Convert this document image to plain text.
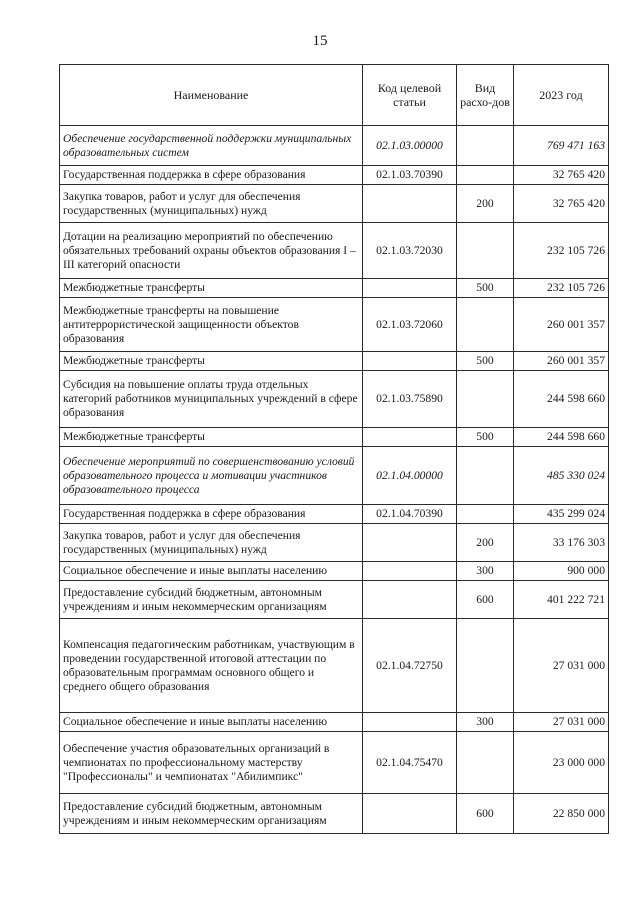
15
Наименование	Код целевой статьи	Вид расхо-дов	2023 год
Обеспечение государственной поддержки муниципальных образовательных систем	02.1.03.00000		769 471 163
Государственная поддержка в сфере образования	02.1.03.70390		32 765 420
Закупка товаров, работ и услуг для обеспечения государственных (муниципальных) нужд		200	32 765 420
Дотации на реализацию мероприятий по обеспечению обязательных требований охраны объектов образования I – III категорий опасности	02.1.03.72030		232 105 726
Межбюджетные трансферты		500	232 105 726
Межбюджетные трансферты на повышение антитеррористической защищенности объектов образования	02.1.03.72060		260 001 357
Межбюджетные трансферты		500	260 001 357
Субсидия на повышение оплаты труда отдельных категорий работников муниципальных учреждений в сфере образования	02.1.03.75890		244 598 660
Межбюджетные трансферты		500	244 598 660
Обеспечение мероприятий по совершенствованию условий образовательного процесса и мотивации участников образовательного процесса	02.1.04.00000		485 330 024
Государственная поддержка в сфере образования	02.1.04.70390		435 299 024
Закупка товаров, работ и услуг для обеспечения государственных (муниципальных) нужд		200	33 176 303
Социальное обеспечение и иные выплаты населению		300	900 000
Предоставление субсидий бюджетным, автономным учреждениям и иным некоммерческим организациям		600	401 222 721
Компенсация педагогическим работникам, участвующим в проведении государственной итоговой аттестации по образовательным программам основного общего и среднего общего образования	02.1.04.72750		27 031 000
Социальное обеспечение и иные выплаты населению		300	27 031 000
Обеспечение участия образовательных организаций в чемпионатах по профессиональному мастерству "Профессионалы" и чемпионатах "Абилимпикс"	02.1.04.75470		23 000 000
Предоставление субсидий бюджетным, автономным учреждениям и иным некоммерческим организациям		600	22 850 000
